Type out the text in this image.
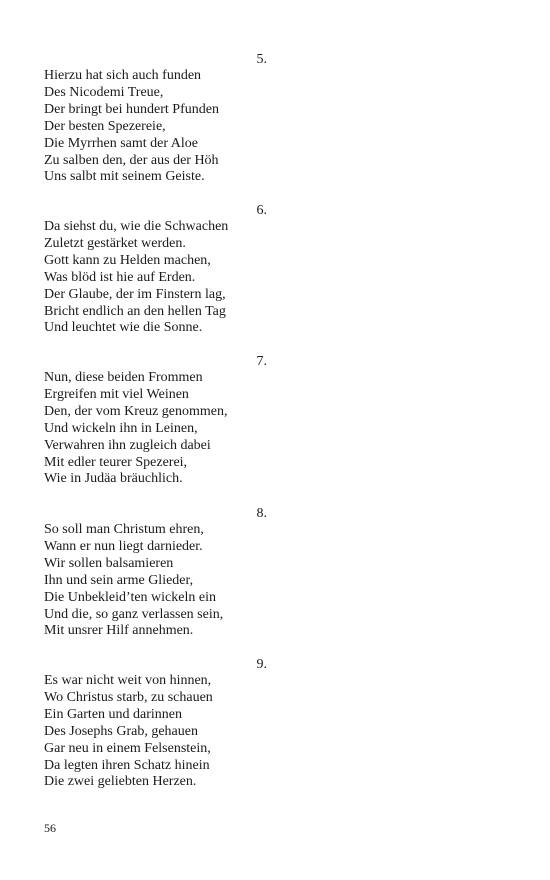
5.
Hierzu hat sich auch funden
Des Nicodemi Treue,
Der bringt bei hundert Pfunden
Der besten Spezereie,
Die Myrrhen samt der Aloe
Zu salben den, der aus der Höh
Uns salbt mit seinem Geiste.
6.
Da siehst du, wie die Schwachen
Zuletzt gestärket werden.
Gott kann zu Helden machen,
Was blöd ist hie auf Erden.
Der Glaube, der im Finstern lag,
Bricht endlich an den hellen Tag
Und leuchtet wie die Sonne.
7.
Nun, diese beiden Frommen
Ergreifen mit viel Weinen
Den, der vom Kreuz genommen,
Und wickeln ihn in Leinen,
Verwahren ihn zugleich dabei
Mit edler teurer Spezerei,
Wie in Judäa bräuchlich.
8.
So soll man Christum ehren,
Wann er nun liegt darnieder.
Wir sollen balsamieren
Ihn und sein arme Glieder,
Die Unbekleid’ten wickeln ein
Und die, so ganz verlassen sein,
Mit unsrer Hilf annehmen.
9.
Es war nicht weit von hinnen,
Wo Christus starb, zu schauen
Ein Garten und darinnen
Des Josephs Grab, gehauen
Gar neu in einem Felsenstein,
Da legten ihren Schatz hinein
Die zwei geliebten Herzen.
56
